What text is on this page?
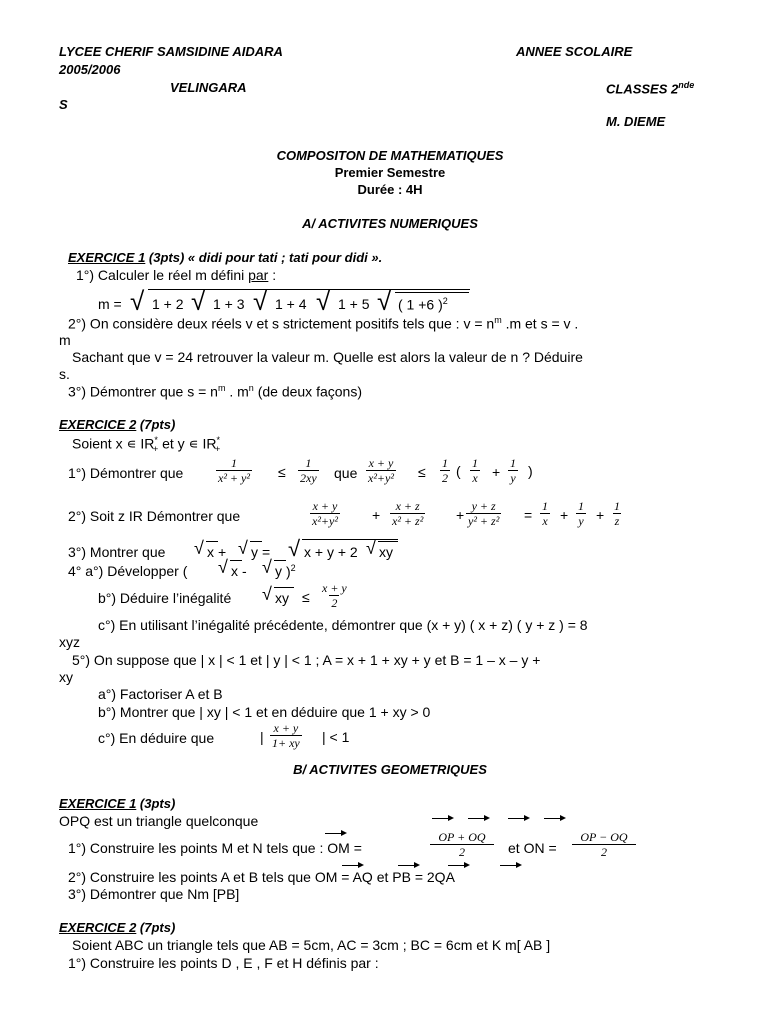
LYCEE CHERIF SAMSIDINE AIDARA	ANNEE SCOLAIRE
2005/2006
VELINGARA	CLASSES 2nde
S
M. DIEME
COMPOSITON DE MATHEMATIQUES
Premier Semestre
Durée : 4H
A/ ACTIVITES NUMERIQUES
EXERCICE 1 (3pts) « didi pour tati ; tati pour didi ».
1°) Calculer le réel m défini par :
m = √ 1 + 2 √ 1 + 3 √ 1 + 4 √ 1 + 5 √ ( 1 +6 )$^2$
2°) On considère deux réels v et s strictement positifs tels que : $v = n^m$ .m et s = v .
m
Sachant que v = 24 retrouver la valeur m. Quelle est alors la valeur de n ? Déduire
s.
3°) Démontrer que $s = n^m$ . $m^n$ (de deux façons)
EXERCICE 2 (7pts)
Soient x ∊ $IR^*_+$ et y ∊ $IR^*_+$
1°) Démontrer que	$\frac{1}{\text{x² + y²}} \le \frac{1}{2xy}$ que $\frac{x + y}{\text{x²+y²}} \le \frac{1}{2}$ ( $\frac{1}{x} + \frac{1}{y}$ )
2°) Soit z IR Démontrer que	$\frac{x + y}{\text{x²+y²}} + \frac{x + z}{\text{x² + z²}} + \frac{y + z}{\text{y² + z²}} = \frac{1}{x} + \frac{1}{y} + \frac{1}{z}$
3°) Montrer que √ x + √ y = √ x + y + 2 √ xy
4° a°) Développer ( √ x - √ y )$^2$
b°) Déduire l’inégalité √ xy ≤ $\frac{x + y}{2}$
c°) En utilisant l’inégalité précédente, démontrer que (x + y) ( x + z) ( y + z ) = 8
xyz
5°) On suppose que | x | < 1 et | y | < 1 ; A = x + 1 + xy + y et B = 1 – x – y +
xy
a°) Factoriser A et B
b°) Montrer que | xy | < 1 et en déduire que 1 + xy > 0
c°) En déduire que	| $\frac{x + y}{1+ xy}$ | < 1
B/ ACTIVITES GEOMETRIQUES
EXERCICE 1 (3pts)
OPQ est un triangle quelconque
1°) Construire les points M et N tels que : OM =	$\frac{OP + OQ}{2}$ et ON = $\frac{OP - OQ}{2}$
2°) Construire les points A et B tels que OM = AQ et PB = 2QA
3°) Démontrer que Nm [PB]
EXERCICE 2 (7pts)
Soient ABC un triangle tels que AB = 5cm, AC = 3cm ; BC = 6cm et K m[ AB ]
1°) Construire les points D , E , F et H définis par :
